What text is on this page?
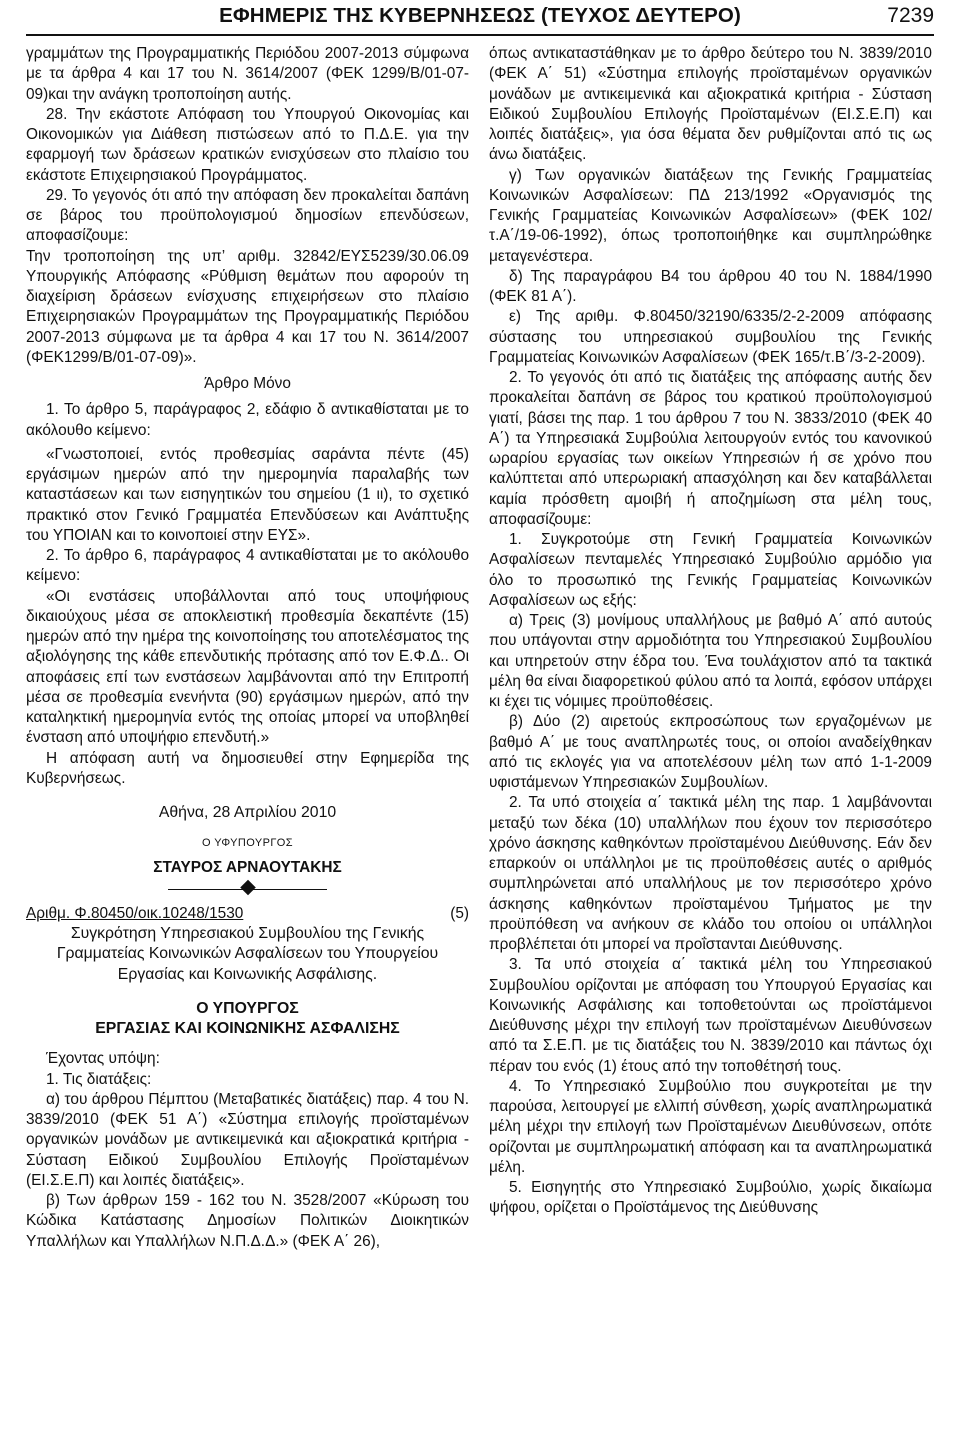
ΕΦΗΜΕΡΙΣ ΤΗΣ ΚΥΒΕΡΝΗΣΕΩΣ (ΤΕΥΧΟΣ ΔΕΥΤΕΡΟ)	7239

γραμμάτων της Προγραμματικής Περιόδου 2007-2013 σύμφωνα με τα άρθρα 4 και 17 του Ν. 3614/2007 (ΦΕΚ 1299/Β/01-07-09)και την ανάγκη τροποποίηση αυτής.

28. Την εκάστοτε Απόφαση του Υπουργού Οικονομίας και Οικονομικών για Διάθεση πιστώσεων από το Π.Δ.Ε. για την εφαρμογή των δράσεων κρατικών ενισχύσεων στο πλαίσιο του εκάστοτε Επιχειρησιακού Προγράμματος.

29. Το γεγονός ότι από την απόφαση δεν προκαλείται δαπάνη σε βάρος του προϋπολογισμού δημοσίων επενδύσεων, αποφασίζουμε:

Την τροποποίηση της υπ’ αριθμ. 32842/ΕΥΣ5239/30.06.09 Υπουργικής Απόφασης «Ρύθμιση θεμάτων που αφορούν τη διαχείριση δράσεων ενίσχυσης επιχειρήσεων στο πλαίσιο Επιχειρησιακών Προγραμμάτων της Προγραμματικής Περιόδου 2007-2013 σύμφωνα με τα άρθρα 4 και 17 του Ν. 3614/2007 (ΦΕΚ1299/Β/01-07-09)».

Άρθρο Μόνο

1. Το άρθρο 5, παράγραφος 2, εδάφιο δ αντικαθίσταται με το ακόλουθο κείμενο:

«Γνωστοποιεί, εντός προθεσμίας σαράντα πέντε (45) εργάσιμων ημερών από την ημερομηνία παραλαβής των καταστάσεων και των εισηγητικών του σημείου (1 ιι), το σχετικό πρακτικό στον Γενικό Γραμματέα Επενδύσεων και Ανάπτυξης του ΥΠΟΙΑΝ και το κοινοποιεί στην ΕΥΣ».

2. Το άρθρο 6, παράγραφος 4 αντικαθίσταται με το ακόλουθο κείμενο:

«Οι ενστάσεις υποβάλλονται από τους υποψήφιους δικαιούχους μέσα σε αποκλειστική προθεσμία δεκαπέντε (15) ημερών από την ημέρα της κοινοποίησης του αποτελέσματος της αξιολόγησης της κάθε επενδυτικής πρότασης από τον Ε.Φ.Δ.. Οι αποφάσεις επί των ενστάσεων λαμβάνονται από την Επιτροπή μέσα σε προθεσμία ενενήντα (90) εργάσιμων ημερών, από την καταληκτική ημερομηνία εντός της οποίας μπορεί να υποβληθεί ένσταση από υποψήφιο επενδυτή.»

Η απόφαση αυτή να δημοσιευθεί στην Εφημερίδα της Κυβερνήσεως.

Αθήνα, 28 Απριλίου 2010

Ο ΥΦΥΠΟΥΡΓΟΣ

ΣΤΑΥΡΟΣ ΑΡΝΑΟΥΤΑΚΗΣ

Αριθμ. Φ.80450/οικ.10248/1530	(5)

Συγκρότηση Υπηρεσιακού Συμβουλίου της Γενικής Γραμματείας Κοινωνικών Ασφαλίσεων του Υπουργείου Εργασίας και Κοινωνικής Ασφάλισης.

Ο ΥΠΟΥΡΓΟΣ

ΕΡΓΑΣΙΑΣ ΚΑΙ ΚΟΙΝΩΝΙΚΗΣ ΑΣΦΑΛΙΣΗΣ

Έχοντας υπόψη:

1. Τις διατάξεις:

α) του άρθρου Πέμπτου (Μεταβατικές διατάξεις) παρ. 4 του Ν. 3839/2010 (ΦΕΚ 51 Α΄) «Σύστημα επιλογής προϊσταμένων οργανικών μονάδων με αντικειμενικά και αξιοκρατικά κριτήρια - Σύσταση Ειδικού Συμβουλίου Επιλογής Προϊσταμένων (ΕΙ.Σ.Ε.Π) και λοιπές διατάξεις».

β) Των άρθρων 159 - 162 του Ν. 3528/2007 «Κύρωση του Κώδικα Κατάστασης Δημοσίων Πολιτικών Διοικητικών Υπαλλήλων και Υπαλλήλων Ν.Π.Δ.Δ.» (ΦΕΚ Α΄ 26),

όπως αντικαταστάθηκαν με το άρθρο δεύτερο του Ν. 3839/2010 (ΦΕΚ Α΄ 51) «Σύστημα επιλογής προϊσταμένων οργανικών μονάδων με αντικειμενικά και αξιοκρατικά κριτήρια - Σύσταση Ειδικού Συμβουλίου Επιλογής Προϊσταμένων (ΕΙ.Σ.Ε.Π) και λοιπές διατάξεις», για όσα θέματα δεν ρυθμίζονται από τις ως άνω διατάξεις.

γ) Των οργανικών διατάξεων της Γενικής Γραμματείας Κοινωνικών Ασφαλίσεων: ΠΔ 213/1992 «Οργανισμός της Γενικής Γραμματείας Κοινωνικών Ασφαλίσεων» (ΦΕΚ 102/τ.Α΄/19-06-1992), όπως τροποποιήθηκε και συμπληρώθηκε μεταγενέστερα.

δ) Της παραγράφου Β4 του άρθρου 40 του Ν. 1884/1990 (ΦΕΚ 81 Α΄).

ε) Της αριθμ. Φ.80450/32190/6335/2-2-2009 απόφασης σύστασης του υπηρεσιακού συμβουλίου της Γενικής Γραμματείας Κοινωνικών Ασφαλίσεων (ΦΕΚ 165/τ.Β΄/3-2-2009).

2. Το γεγονός ότι από τις διατάξεις της απόφασης αυτής δεν προκαλείται δαπάνη σε βάρος του κρατικού προϋπολογισμού γιατί, βάσει της παρ. 1 του άρθρου 7 του Ν. 3833/2010 (ΦΕΚ 40 Α΄) τα Υπηρεσιακά Συμβούλια λειτουργούν εντός του κανονικού ωραρίου εργασίας των οικείων Υπηρεσιών ή σε χρόνο που καλύπτεται από υπερωριακή απασχόληση και δεν καταβάλλεται καμία πρόσθετη αμοιβή ή αποζημίωση στα μέλη τους, αποφασίζουμε:

1. Συγκροτούμε στη Γενική Γραμματεία Κοινωνικών Ασφαλίσεων πενταμελές Υπηρεσιακό Συμβούλιο αρμόδιο για όλο το προσωπικό της Γενικής Γραμματείας Κοινωνικών Ασφαλίσεων ως εξής:

α) Τρεις (3) μονίμους υπαλλήλους με βαθμό Α΄ από αυτούς που υπάγονται στην αρμοδιότητα του Υπηρεσιακού Συμβουλίου και υπηρετούν στην έδρα του. Ένα τουλάχιστον από τα τακτικά μέλη θα είναι διαφορετικού φύλου από τα λοιπά, εφόσον υπάρχει κι έχει τις νόμιμες προϋποθέσεις.

β) Δύο (2) αιρετούς εκπροσώπους των εργαζομένων με βαθμό Α΄ με τους αναπληρωτές τους, οι οποίοι αναδείχθηκαν από τις εκλογές για να αποτελέσουν μέλη των από 1-1-2009 υφιστάμενων Υπηρεσιακών Συμβουλίων.

2. Τα υπό στοιχεία α΄ τακτικά μέλη της παρ. 1 λαμβάνονται μεταξύ των δέκα (10) υπαλλήλων που έχουν τον περισσότερο χρόνο άσκησης καθηκόντων προϊσταμένου Διεύθυνσης. Εάν δεν επαρκούν οι υπάλληλοι με τις προϋποθέσεις αυτές ο αριθμός συμπληρώνεται από υπαλλήλους με τον περισσότερο χρόνο άσκησης καθηκόντων προϊσταμένου Τμήματος με την προϋπόθεση να ανήκουν σε κλάδο του οποίου οι υπάλληλοι προβλέπεται ότι μπορεί να προΐστανται Διεύθυνσης.

3. Τα υπό στοιχεία α΄ τακτικά μέλη του Υπηρεσιακού Συμβουλίου ορίζονται με απόφαση του Υπουργού Εργασίας και Κοινωνικής Ασφάλισης και τοποθετούνται ως προϊστάμενοι Διεύθυνσης μέχρι την επιλογή των προϊσταμένων Διευθύνσεων από τα Σ.Ε.Π. με τις διατάξεις του Ν. 3839/2010 και πάντως όχι πέραν του ενός (1) έτους από την τοποθέτησή τους.

4. Το Υπηρεσιακό Συμβούλιο που συγκροτείται με την παρούσα, λειτουργεί με ελλιπή σύνθεση, χωρίς αναπληρωματικά μέλη μέχρι την επιλογή των Προϊσταμένων Διευθύνσεων, οπότε ορίζονται με συμπληρωματική απόφαση και τα αναπληρωματικά μέλη.

5. Εισηγητής στο Υπηρεσιακό Συμβούλιο, χωρίς δικαίωμα ψήφου, ορίζεται ο Προϊστάμενος της Διεύθυνσης
